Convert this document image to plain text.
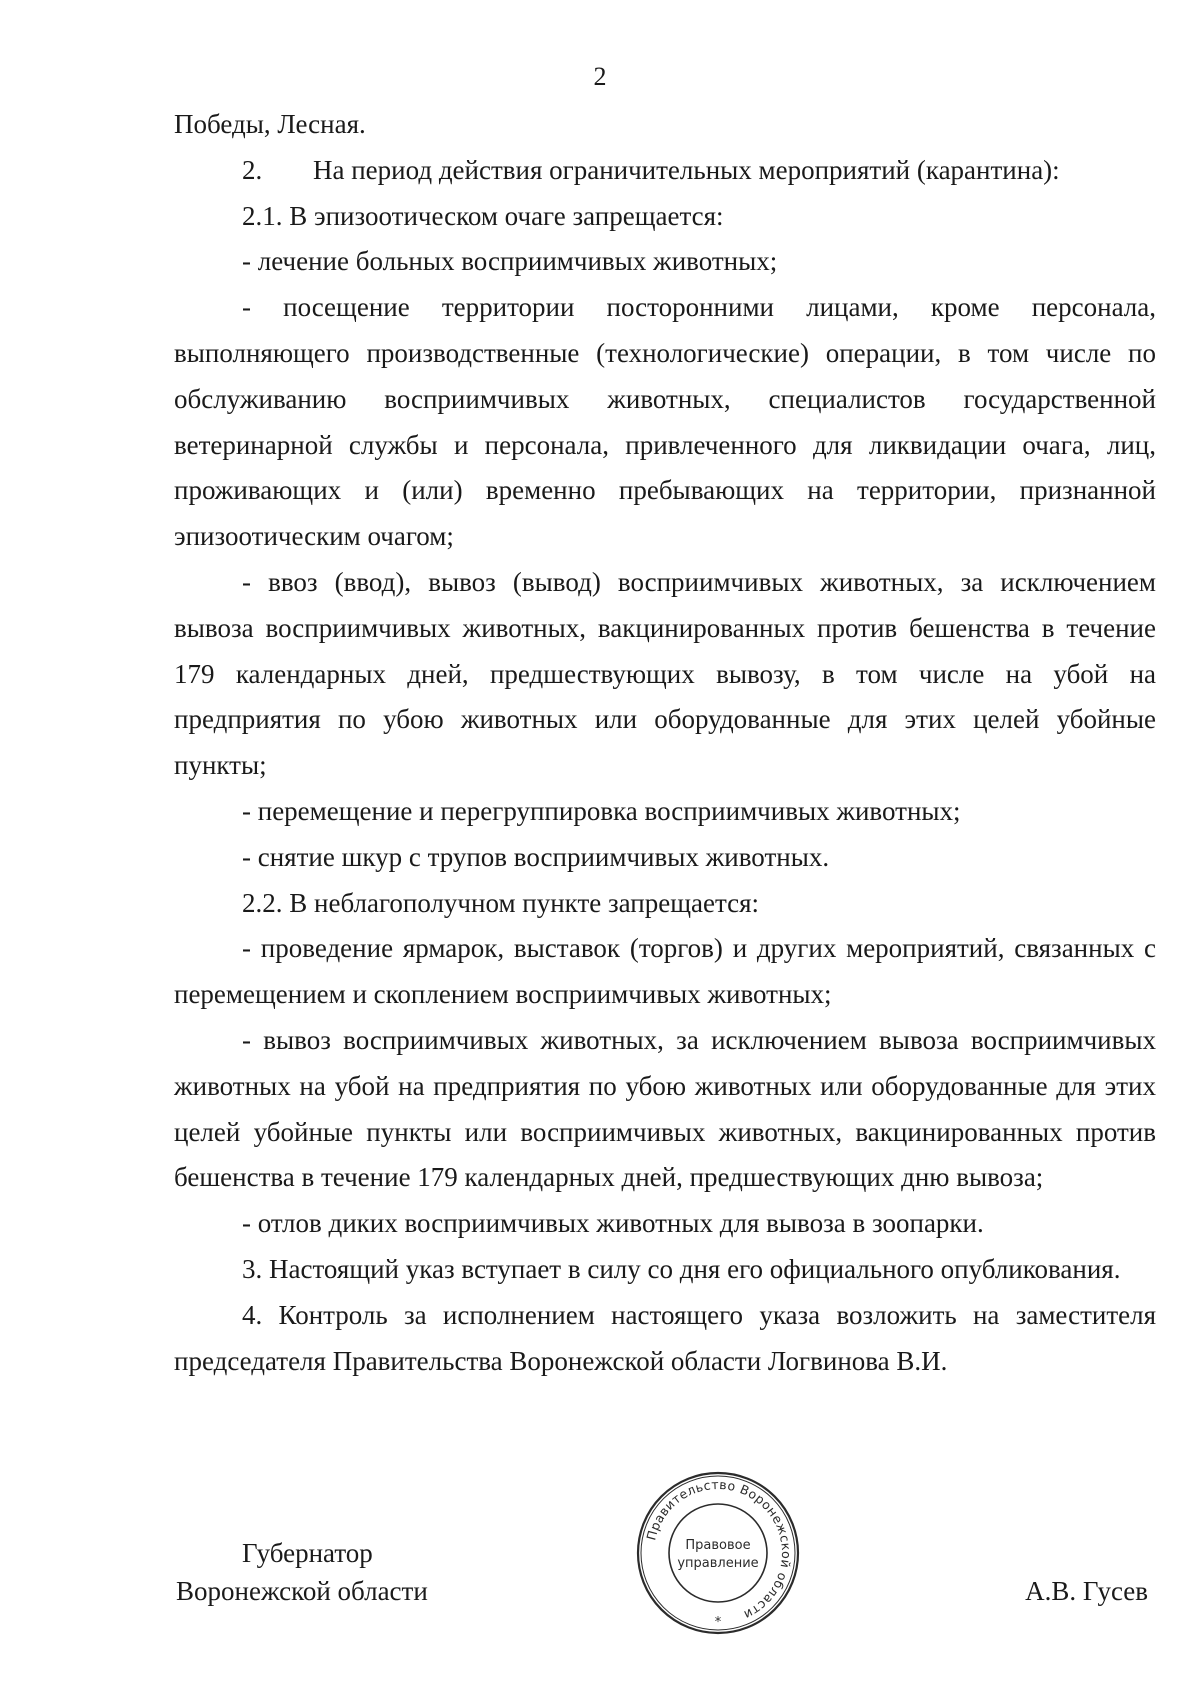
2

Победы, Лесная.

2. На период действия ограничительных мероприятий (карантина):

2.1. В эпизоотическом очаге запрещается:

- лечение больных восприимчивых животных;

- посещение территории посторонними лицами, кроме персонала, выполняющего производственные (технологические) операции, в том числе по обслуживанию восприимчивых животных, специалистов государственной ветеринарной службы и персонала, привлеченного для ликвидации очага, лиц, проживающих и (или) временно пребывающих на территории, признанной эпизоотическим очагом;

- ввоз (ввод), вывоз (вывод) восприимчивых животных, за исключением вывоза восприимчивых животных, вакцинированных против бешенства в течение 179 календарных дней, предшествующих вывозу, в том числе на убой на предприятия по убою животных или оборудованные для этих целей убойные пункты;

- перемещение и перегруппировка восприимчивых животных;

- снятие шкур с трупов восприимчивых животных.

2.2. В неблагополучном пункте запрещается:

- проведение ярмарок, выставок (торгов) и других мероприятий, связанных с перемещением и скоплением восприимчивых животных;

- вывоз восприимчивых животных, за исключением вывоза восприимчивых животных на убой на предприятия по убою животных или оборудованные для этих целей убойные пункты или восприимчивых животных, вакцинированных против бешенства в течение 179 календарных дней, предшествующих дню вывоза;

- отлов диких восприимчивых животных для вывоза в зоопарки.

3. Настоящий указ вступает в силу со дня его официального опубликования.

4. Контроль за исполнением настоящего указа возложить на заместителя председателя Правительства Воронежской области Логвинова В.И.

Правительство Воронежской области
Правовое
управление
*
Губернатор
Воронежской области	А.В. Гусев
